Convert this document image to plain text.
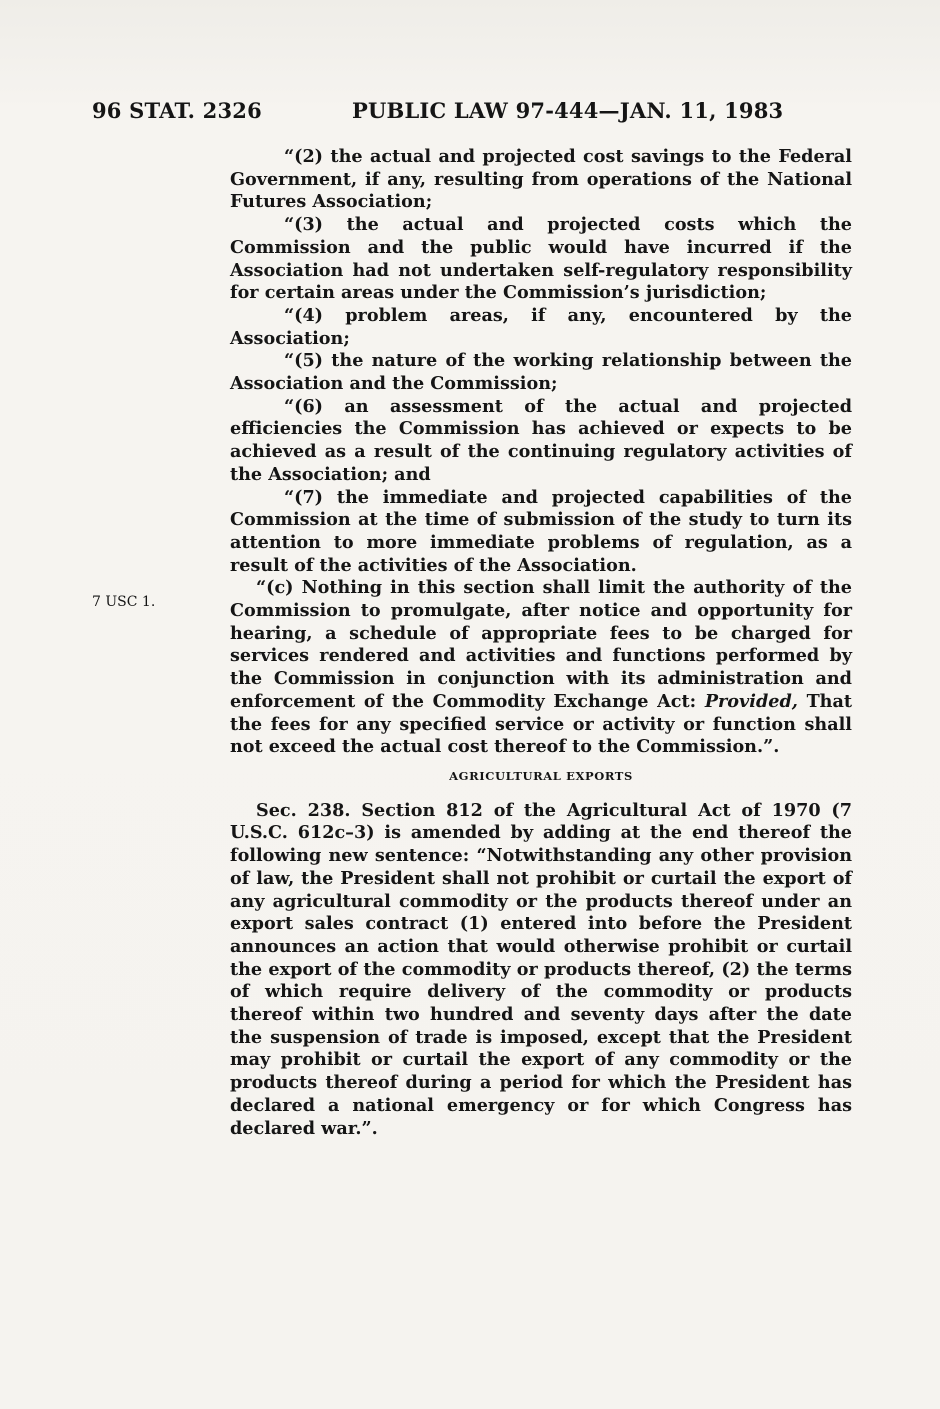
96 STAT. 2326	PUBLIC LAW 97-444—JAN. 11, 1983
7 USC 1.

“(2) the actual and projected cost savings to the Federal Government, if any, resulting from operations of the National Futures Association;

“(3) the actual and projected costs which the Commission and the public would have incurred if the Association had not undertaken self-regulatory responsibility for certain areas under the Commission’s jurisdiction;

“(4) problem areas, if any, encountered by the Association;

“(5) the nature of the working relationship between the Association and the Commission;

“(6) an assessment of the actual and projected efficiencies the Commission has achieved or expects to be achieved as a result of the continuing regulatory activities of the Association; and

“(7) the immediate and projected capabilities of the Commission at the time of submission of the study to turn its attention to more immediate problems of regulation, as a result of the activities of the Association.

“(c) Nothing in this section shall limit the authority of the Commission to promulgate, after notice and opportunity for hearing, a schedule of appropriate fees to be charged for services rendered and activities and functions performed by the Commission in conjunction with its administration and enforcement of the Commodity Exchange Act: Provided, That the fees for any specified service or activity or function shall not exceed the actual cost thereof to the Commission.”.

AGRICULTURAL EXPORTS

Sec. 238. Section 812 of the Agricultural Act of 1970 (7 U.S.C. 612c–3) is amended by adding at the end thereof the following new sentence: “Notwithstanding any other provision of law, the President shall not prohibit or curtail the export of any agricultural commodity or the products thereof under an export sales contract (1) entered into before the President announces an action that would otherwise prohibit or curtail the export of the commodity or products thereof, (2) the terms of which require delivery of the commodity or products thereof within two hundred and seventy days after the date the suspension of trade is imposed, except that the President may prohibit or curtail the export of any commodity or the products thereof during a period for which the President has declared a national emergency or for which Congress has declared war.”.
